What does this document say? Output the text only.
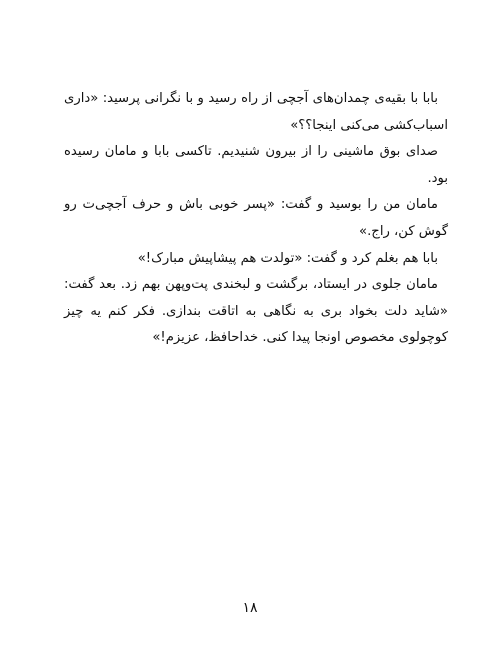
بابا با بقیه‌ی چمدان‌های آجچی از راه رسید و با نگرانی پرسید: «داری اسباب‌کشی می‌کنی اینجا؟؟»

صدای بوق ماشینی را از بیرون شنیدیم. تاکسی بابا و مامان رسیده بود.

مامان من را بوسید و گفت: «پسر خوبی باش و حرف آجچی‌ت رو گوش کن، راج.»

بابا هم بغلم کرد و گفت: «تولدت هم پیشاپیش مبارک!»

مامان جلوی در ایستاد، برگشت و لبخندی پت‌وپهن بهم زد. بعد گفت: «شاید دلت بخواد بری به نگاهی به اتاقت بندازی. فکر کنم یه چیز کوچولوی مخصوص اونجا پیدا کنی. خداحافظ، عزیزم!»

۱۸
